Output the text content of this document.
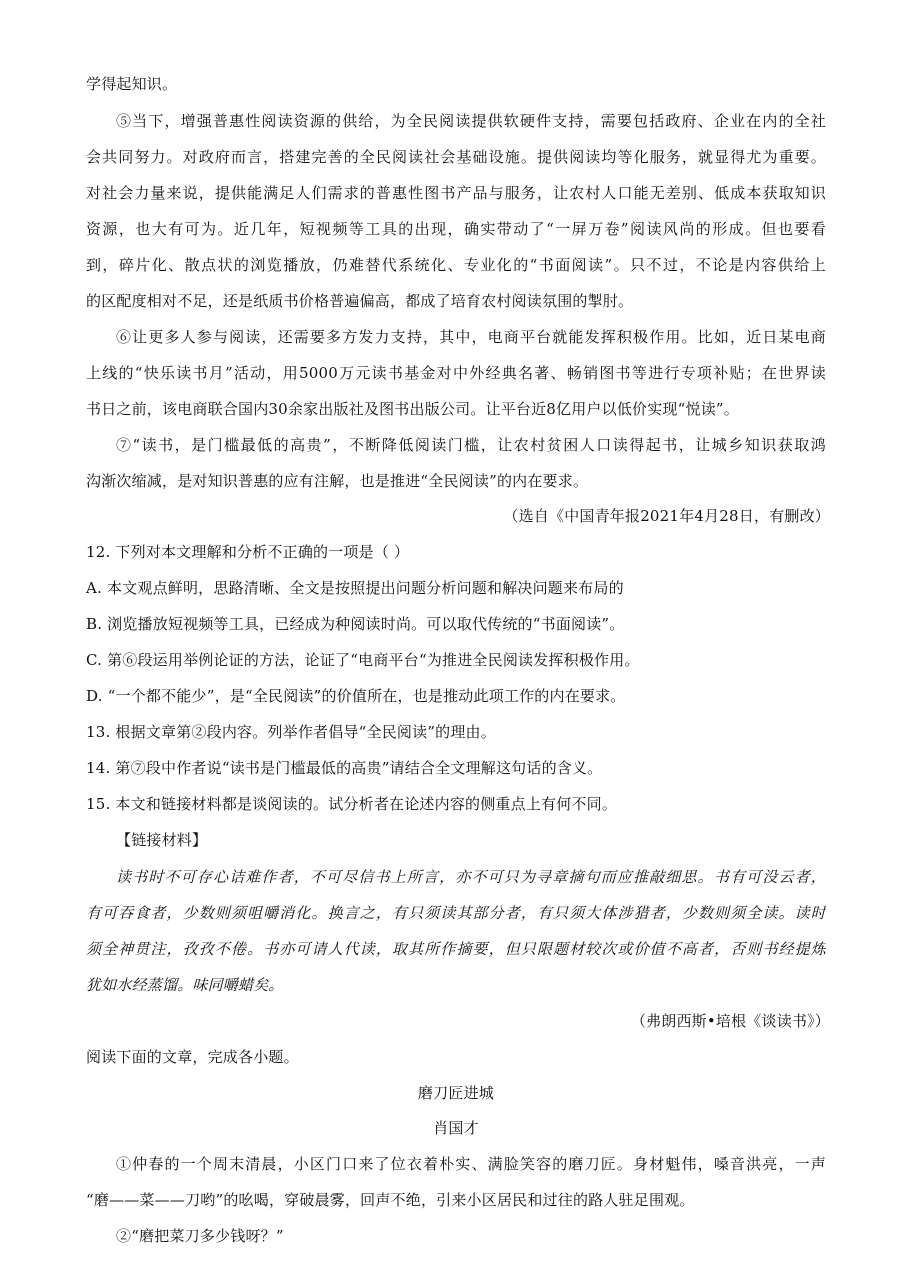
学得起知识。
⑤当下，增强普惠性阅读资源的供给，为全民阅读提供软硬件支持，需要包括政府、企业在内的全社
会共同努力。对政府而言，搭建完善的全民阅读社会基础设施。提供阅读均等化服务，就显得尤为重要。
对社会力量来说，提供能满足人们需求的普惠性图书产品与服务，让农村人口能无差别、低成本获取知识
资源，也大有可为。近几年，短视频等工具的出现，确实带动了“一屏万卷”阅读风尚的形成。但也要看
到，碎片化、散点状的浏览播放，仍难替代系统化、专业化的“书面阅读”。只不过，不论是内容供给上
的区配度相对不足，还是纸质书价格普遍偏高，都成了培育农村阅读氛围的掣肘。
⑥让更多人参与阅读，还需要多方发力支持，其中，电商平台就能发挥积极作用。比如，近日某电商
上线的“快乐读书月”活动，用5000万元读书基金对中外经典名著、畅销图书等进行专项补贴；在世界读
书日之前，该电商联合国内30余家出版社及图书出版公司。让平台近8亿用户以低价实现“悦读”。
⑦“读书，是门槛最低的高贵”，不断降低阅读门槛，让农村贫困人口读得起书，让城乡知识获取鸿
沟渐次缩减，是对知识普惠的应有注解，也是推进“全民阅读”的内在要求。
（选自《中国青年报2021年4月28日，有删改）
12. 下列对本文理解和分析不正确的一项是（ ）
A. 本文观点鲜明，思路清晰、全文是按照提出问题分析问题和解决问题来布局的
B. 浏览播放短视频等工具，已经成为种阅读时尚。可以取代传统的“书面阅读”。
C. 第⑥段运用举例论证的方法，论证了“电商平台“为推进全民阅读发挥积极作用。
D. “一个都不能少”，是“全民阅读”的价值所在，也是推动此项工作的内在要求。
13. 根据文章第②段内容。列举作者倡导“全民阅读”的理由。
14. 第⑦段中作者说“读书是门槛最低的高贵”请结合全文理解这句话的含义。
15. 本文和链接材料都是谈阅读的。试分析者在论述内容的侧重点上有何不同。
【链接材料】
读书时不可存心诘难作者，不可尽信书上所言，亦不可只为寻章摘句而应推敲细思。书有可没云者，
有可吞食者，少数则须咀嚼消化。换言之，有只须读其部分者，有只须大体涉猎者，少数则须全读。读时
须全神贯注，孜孜不倦。书亦可请人代读，取其所作摘要，但只限题材较次或价值不高者，否则书经提炼
犹如水经蒸馏。味同嚼蜡矣。
（弗朗西斯•培根《谈读书》）
阅读下面的文章，完成各小题。
磨刀匠进城
肖国才
①仲春的一个周末清晨，小区门口来了位衣着朴实、满脸笑容的磨刀匠。身材魁伟，嗓音洪亮，一声
“磨——菜——刀哟”的吆喝，穿破晨雾，回声不绝，引来小区居民和过往的路人驻足围观。
②“磨把菜刀多少钱呀？”
